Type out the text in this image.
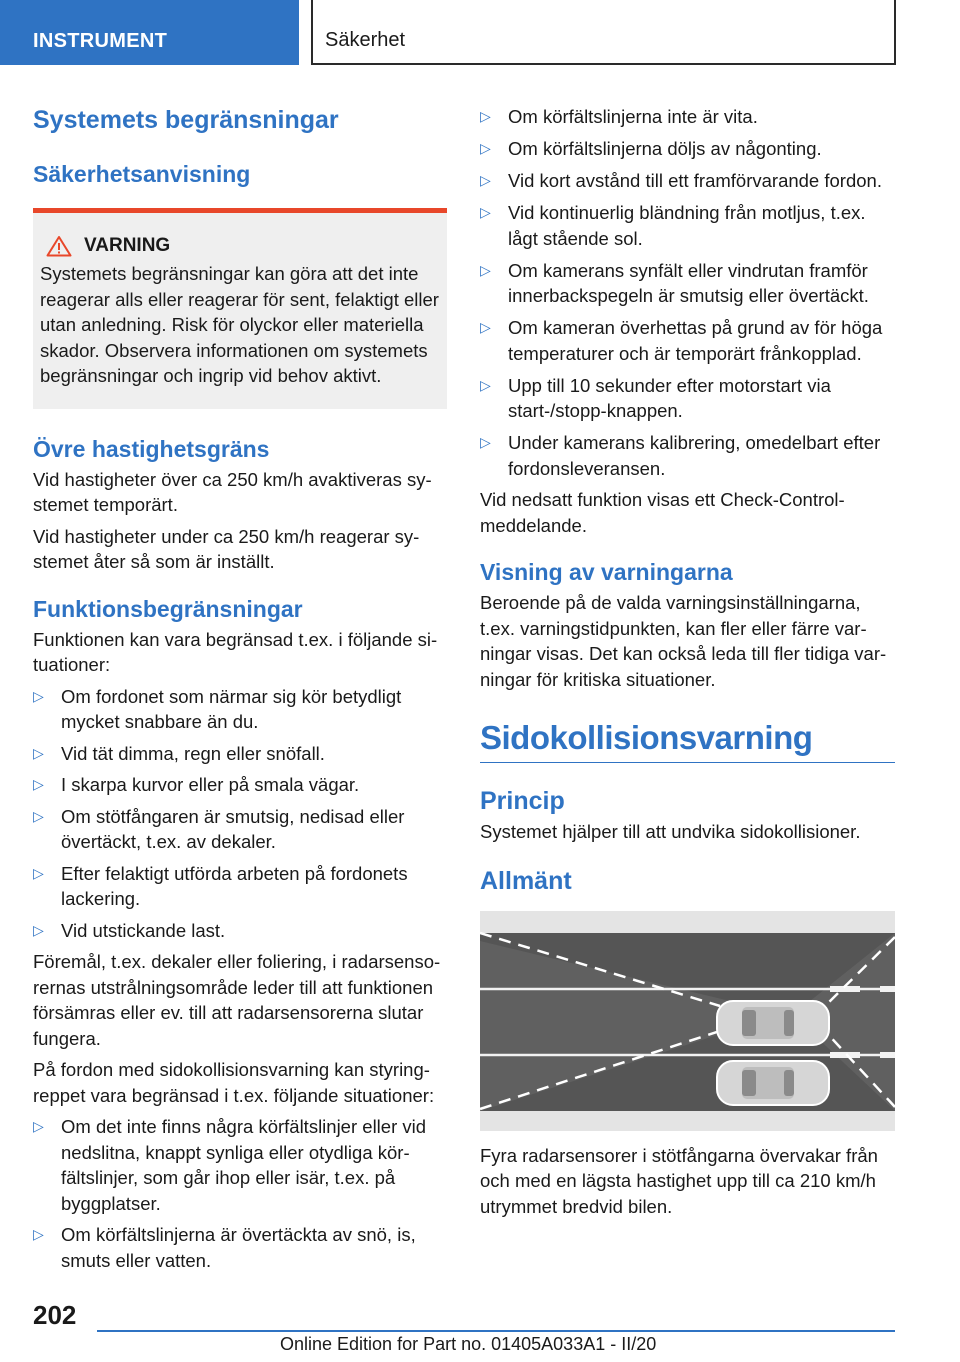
INSTRUMENT	Säkerhet
Systemets begränsningar
Säkerhetsanvisning
VARNING

Systemets begränsningar kan göra att det inte reagerar alls eller reagerar för sent, felaktigt eller utan anledning. Risk för olyckor eller materiella skador. Observera informationen om systemets begränsningar och ingrip vid behov aktivt.

Övre hastighetsgräns

Vid hastigheter över ca 250 km/h avaktiveras systemet temporärt.

Vid hastigheter under ca 250 km/h reagerar systemet åter så som är inställt.

Funktionsbegränsningar

Funktionen kan vara begränsad t.ex. i följande situationer:

▷ Om fordonet som närmar sig kör betydligt mycket snabbare än du.
▷ Vid tät dimma, regn eller snöfall.
▷ I skarpa kurvor eller på smala vägar.
▷ Om stötfångaren är smutsig, nedisad eller övertäckt, t.ex. av dekaler.
▷ Efter felaktigt utförda arbeten på fordonets lackering.
▷ Vid utstickande last.

Föremål, t.ex. dekaler eller foliering, i radarsensorernas utstrålningsområde leder till att funktionen försämras eller ev. till att radarsensorerna slutar fungera.

På fordon med sidokollisionsvarning kan styringreppet vara begränsad i t.ex. följande situationer:

▷ Om det inte finns några körfältslinjer eller vid nedslitna, knappt synliga eller otydliga körfältslinjer, som går ihop eller isär, t.ex. på byggplatser.
▷ Om körfältslinjerna är övertäckta av snö, is, smuts eller vatten.
▷ Om körfältslinjerna inte är vita.
▷ Om körfältslinjerna döljs av någonting.
▷ Vid kort avstånd till ett framförvarande fordon.
▷ Vid kontinuerlig bländning från motljus, t.ex. lågt stående sol.
▷ Om kamerans synfält eller vindrutan framför innerbackspegeln är smutsig eller övertäckt.
▷ Om kameran överhettas på grund av för höga temperaturer och är temporärt frånkopplad.
▷ Upp till 10 sekunder efter motorstart via start-/stopp-knappen.
▷ Under kamerans kalibrering, omedelbart efter fordonsleveransen.

Vid nedsatt funktion visas ett Check-Control-meddelande.

Visning av varningarna

Beroende på de valda varningsinställningarna, t.ex. varningstidpunkten, kan fler eller färre varningar visas. Det kan också leda till fler tidiga varningar för kritiska situationer.

Sidokollisionsvarning
Princip

Systemet hjälper till att undvika sidokollisioner.

Allmänt

Fyra radarsensorer i stötfångarna övervakar från och med en lägsta hastighet upp till ca 210 km/h utrymmet bredvid bilen.

202
Online Edition for Part no. 01405A033A1 - II/20
